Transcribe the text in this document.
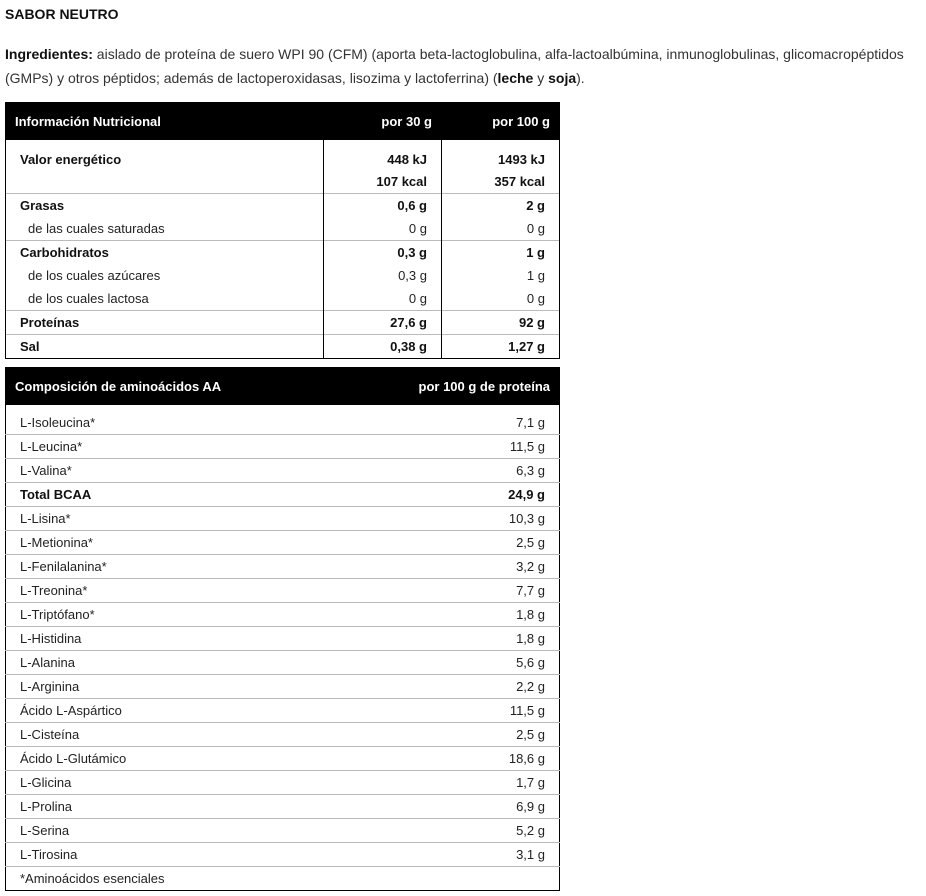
SABOR NEUTRO
Ingredientes: aislado de proteína de suero WPI 90 (CFM) (aporta beta-lactoglobulina, alfa-lactoalbúmina, inmunoglobulinas, glicomacropéptidos (GMPs) y otros péptidos; además de lactoperoxidasas, lisozima y lactoferrina) (leche y soja).
Información Nutricional	por 30 g	por 100 g
Valor energético	448 kJ	1493 kJ
	107 kcal	357 kcal
Grasas	0,6 g	2 g
de las cuales saturadas	0 g	0 g
Carbohidratos	0,3 g	1 g
de los cuales azúcares	0,3 g	1 g
de los cuales lactosa	0 g	0 g
Proteínas	27,6 g	92 g
Sal	0,38 g	1,27 g
Composición de aminoácidos AA	por 100 g de proteína
L-Isoleucina*	7,1 g
L-Leucina*	11,5 g
L-Valina*	6,3 g
Total BCAA	24,9 g
L-Lisina*	10,3 g
L-Metionina*	2,5 g
L-Fenilalanina*	3,2 g
L-Treonina*	7,7 g
L-Triptófano*	1,8 g
L-Histidina	1,8 g
L-Alanina	5,6 g
L-Arginina	2,2 g
Ácido L-Aspártico	11,5 g
L-Cisteína	2,5 g
Ácido L-Glutámico	18,6 g
L-Glicina	1,7 g
L-Prolina	6,9 g
L-Serina	5,2 g
L-Tirosina	3,1 g
*Aminoácidos esenciales	
